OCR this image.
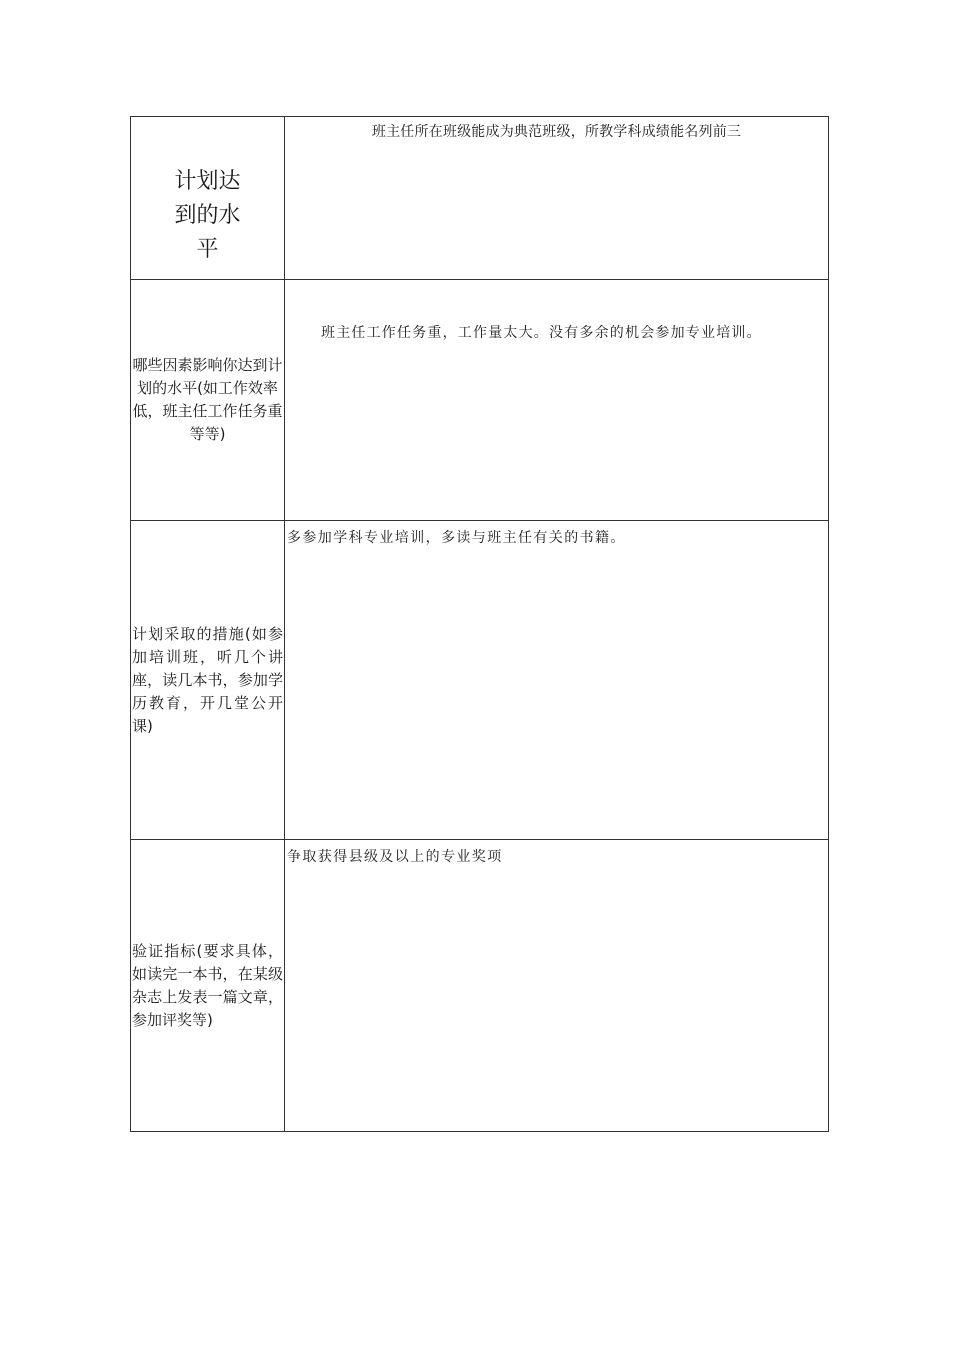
计划达到的水平	班主任所在班级能成为典范班级，所教学科成绩能名列前三

哪些因素影响你达到计划的水平(如工作效率低，班主任工作任务重等等)	班主任工作任务重，工作量太大。没有多余的机会参加专业培训。

计划采取的措施(如参加培训班，听几个讲座，读几本书，参加学历教育，开几堂公开课)	多参加学科专业培训，多读与班主任有关的书籍。

验证指标(要求具体，如读完一本书，在某级杂志上发表一篇文章，参加评奖等)	争取获得县级及以上的专业奖项
